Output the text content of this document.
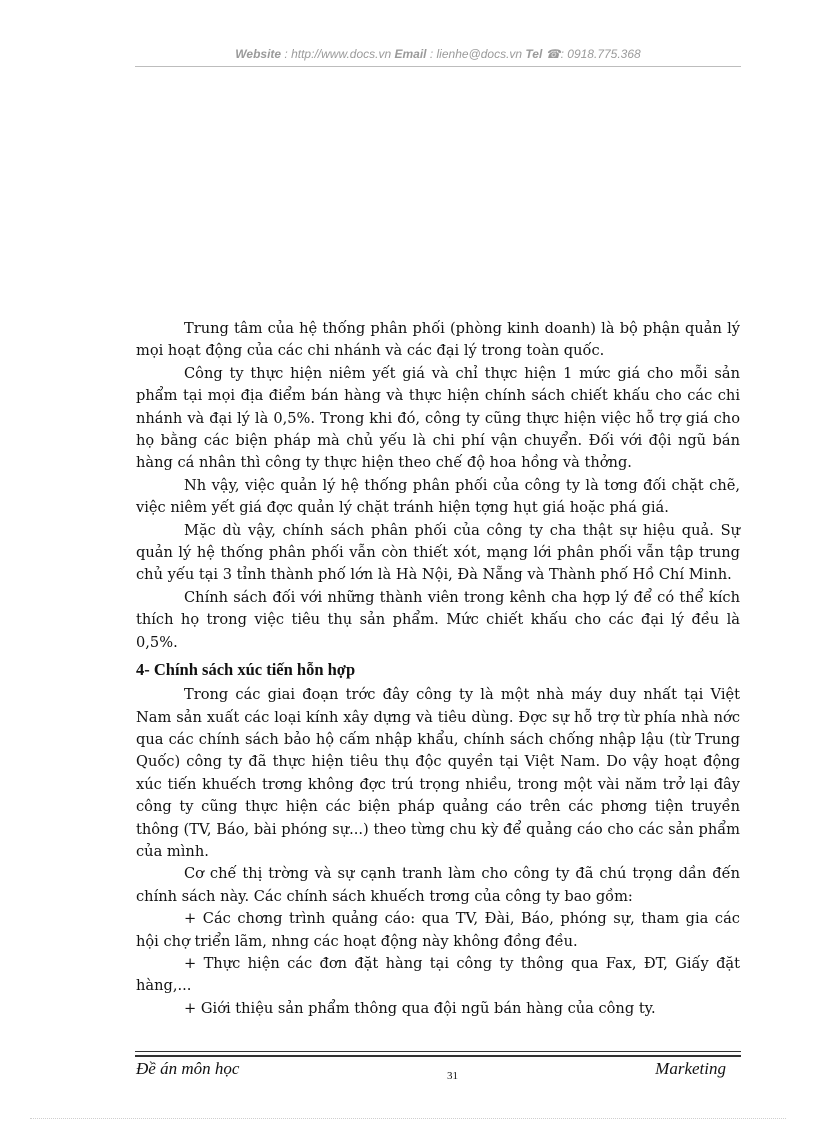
Website : http://www.docs.vn Email : lienhe@docs.vn Tel ☎: 0918.775.368

Trung tâm của hệ thống phân phối (phòng kinh doanh) là bộ phận quản lý mọi hoạt động của các chi nhánh và các đại lý trong toàn quốc.

Công ty thực hiện niêm yết giá và chỉ thực hiện 1 mức giá cho mỗi sản phẩm tại mọi địa điểm bán hàng và thực hiện chính sách chiết khấu cho các chi nhánh và đại lý là 0,5%. Trong khi đó, công ty cũng thực hiện việc hỗ trợ giá cho họ bằng các biện pháp mà chủ yếu là chi phí vận chuyển. Đối với đội ngũ bán hàng cá nhân thì công ty thực hiện theo chế độ hoa hồng và thởng.

Nh vậy, việc quản lý hệ thống phân phối của công ty là tơng đối chặt chẽ, việc niêm yết giá đợc quản lý chặt tránh hiện tợng hụt giá hoặc phá giá.

Mặc dù vậy, chính sách phân phối của công ty cha thật sự hiệu quả. Sự quản lý hệ thống phân phối vẫn còn thiết xót, mạng lới phân phối vẫn tập trung chủ yếu tại 3 tỉnh thành phố lớn là Hà Nội, Đà Nẵng và Thành phố Hồ Chí Minh.

Chính sách đối với những thành viên trong kênh cha hợp lý để có thể kích thích họ trong việc tiêu thụ sản phẩm. Mức chiết khấu cho các đại lý đều là 0,5%.

4- Chính sách xúc tiến hỗn hợp

Trong các giai đoạn trớc đây công ty là một nhà máy duy nhất tại Việt Nam sản xuất các loại kính xây dựng và tiêu dùng. Đợc sự hỗ trợ từ phía nhà nớc qua các chính sách bảo hộ cấm nhập khẩu, chính sách chống nhập lậu (từ Trung Quốc) công ty đã thực hiện tiêu thụ độc quyền tại Việt Nam. Do vậy hoạt động xúc tiến khuếch trơng không đợc trú trọng nhiều, trong một vài năm trở lại đây công ty cũng thực hiện các biện pháp quảng cáo trên các phơng tiện truyền thông (TV, Báo, bài phóng sự...) theo từng chu kỳ để quảng cáo cho các sản phẩm của mình.

Cơ chế thị trờng và sự cạnh tranh làm cho công ty đã chú trọng dần đến chính sách này. Các chính sách khuếch trơng của công ty bao gồm:

+ Các chơng trình quảng cáo: qua TV, Đài, Báo, phóng sự, tham gia các hội chợ triển lãm, nhng các hoạt động này không đồng đều.

+ Thực hiện các đơn đặt hàng tại công ty thông qua Fax, ĐT, Giấy đặt hàng,...

+ Giới thiệu sản phẩm thông qua đội ngũ bán hàng của công ty.

Đề án môn học	31	Marketing
